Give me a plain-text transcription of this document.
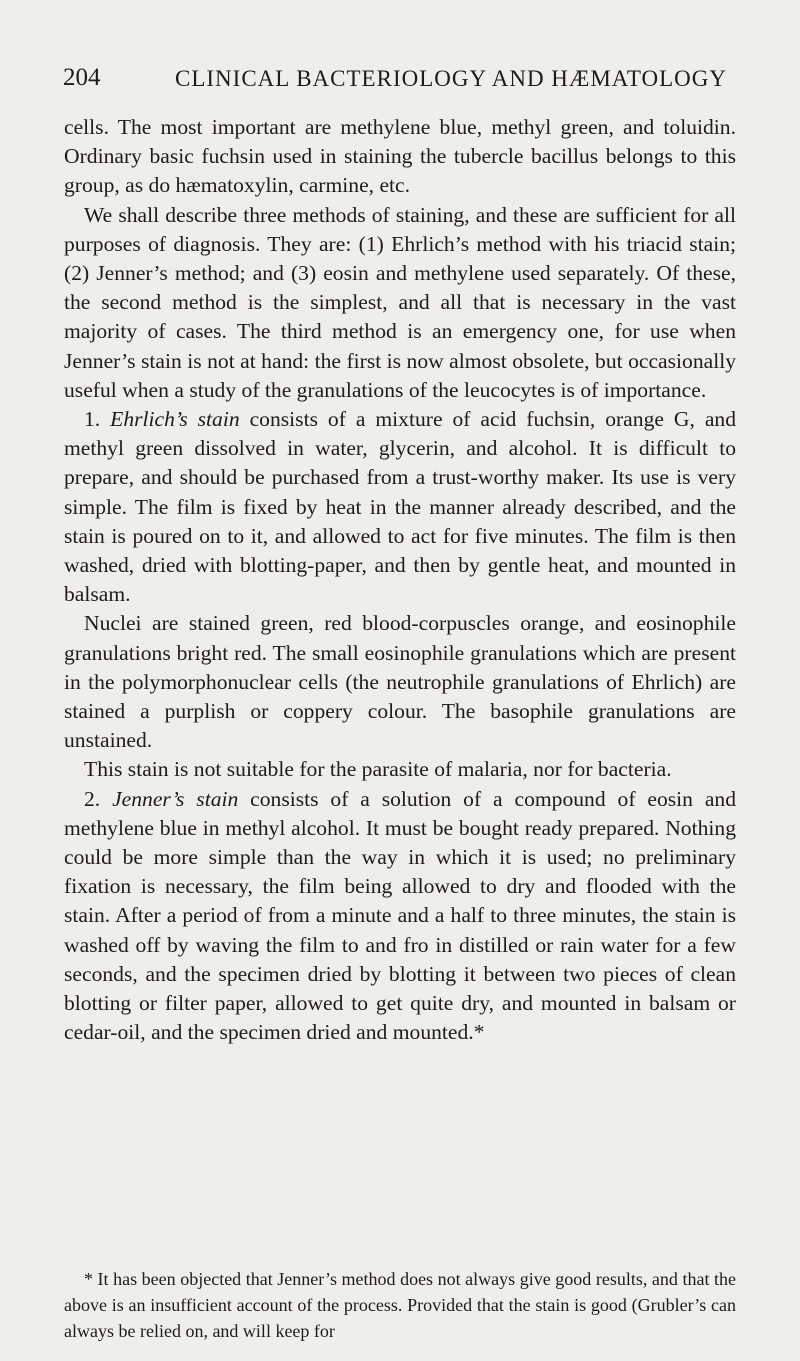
204	CLINICAL BACTERIOLOGY AND HÆMATOLOGY

cells. The most important are methylene blue, methyl green, and toluidin. Ordinary basic fuchsin used in staining the tubercle bacillus belongs to this group, as do hæmatoxylin, carmine, etc.

We shall describe three methods of staining, and these are sufficient for all purposes of diagnosis. They are: (1) Ehrlich’s method with his triacid stain; (2) Jenner’s method; and (3) eosin and methylene used separately. Of these, the second method is the simplest, and all that is necessary in the vast majority of cases. The third method is an emergency one, for use when Jenner’s stain is not at hand: the first is now almost obsolete, but occasionally useful when a study of the granulations of the leucocytes is of importance.

1. Ehrlich’s stain consists of a mixture of acid fuchsin, orange G, and methyl green dissolved in water, glycerin, and alcohol. It is difficult to prepare, and should be purchased from a trust-worthy maker. Its use is very simple. The film is fixed by heat in the manner already described, and the stain is poured on to it, and allowed to act for five minutes. The film is then washed, dried with blotting-paper, and then by gentle heat, and mounted in balsam.

Nuclei are stained green, red blood-corpuscles orange, and eosinophile granulations bright red. The small eosinophile granulations which are present in the polymorphonuclear cells (the neutrophile granulations of Ehrlich) are stained a purplish or coppery colour. The basophile granulations are unstained.

This stain is not suitable for the parasite of malaria, nor for bacteria.

2. Jenner’s stain consists of a solution of a compound of eosin and methylene blue in methyl alcohol. It must be bought ready prepared. Nothing could be more simple than the way in which it is used; no preliminary fixation is necessary, the film being allowed to dry and flooded with the stain. After a period of from a minute and a half to three minutes, the stain is washed off by waving the film to and fro in distilled or rain water for a few seconds, and the specimen dried by blotting it between two pieces of clean blotting or filter paper, allowed to get quite dry, and mounted in balsam or cedar-oil, and the specimen dried and mounted.*

* It has been objected that Jenner’s method does not always give good results, and that the above is an insufficient account of the process. Provided that the stain is good (Grubler’s can always be relied on, and will keep for
